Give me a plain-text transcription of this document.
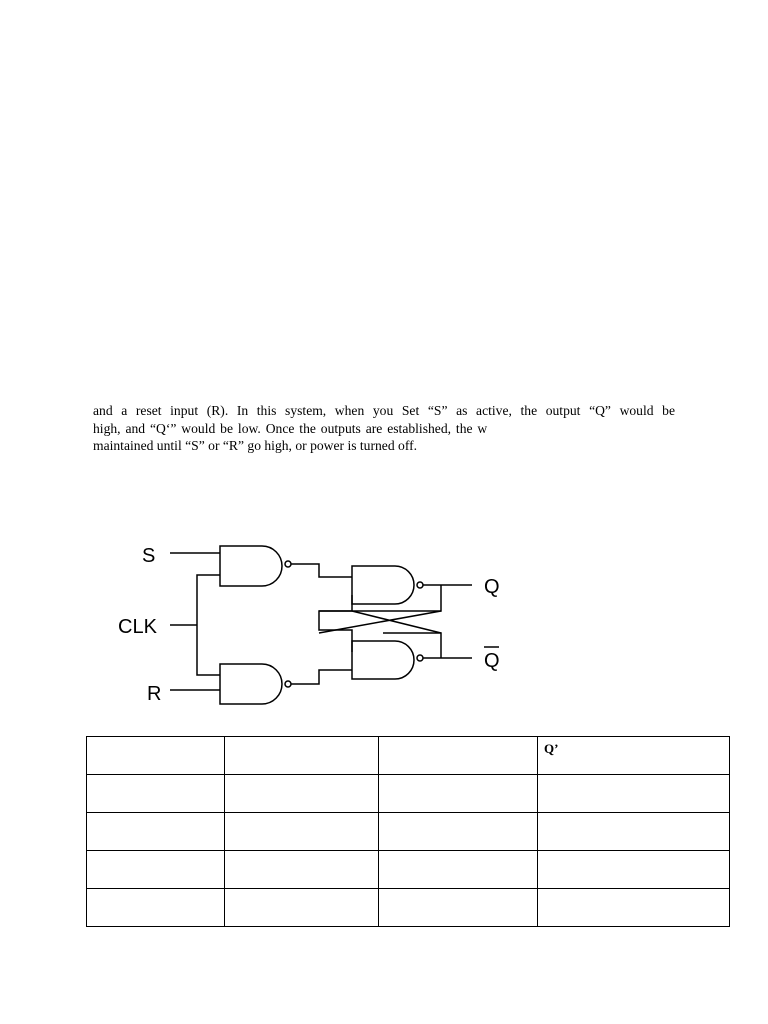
and a reset input (R). In this system, when you Set “S” as active, the output “Q” would be
high, and “Q‘” would be low. Once the outputs are established, the w
maintained until “S” or “R” go high, or power is turned off.
S
CLK
R
Q
Q
			Q’
